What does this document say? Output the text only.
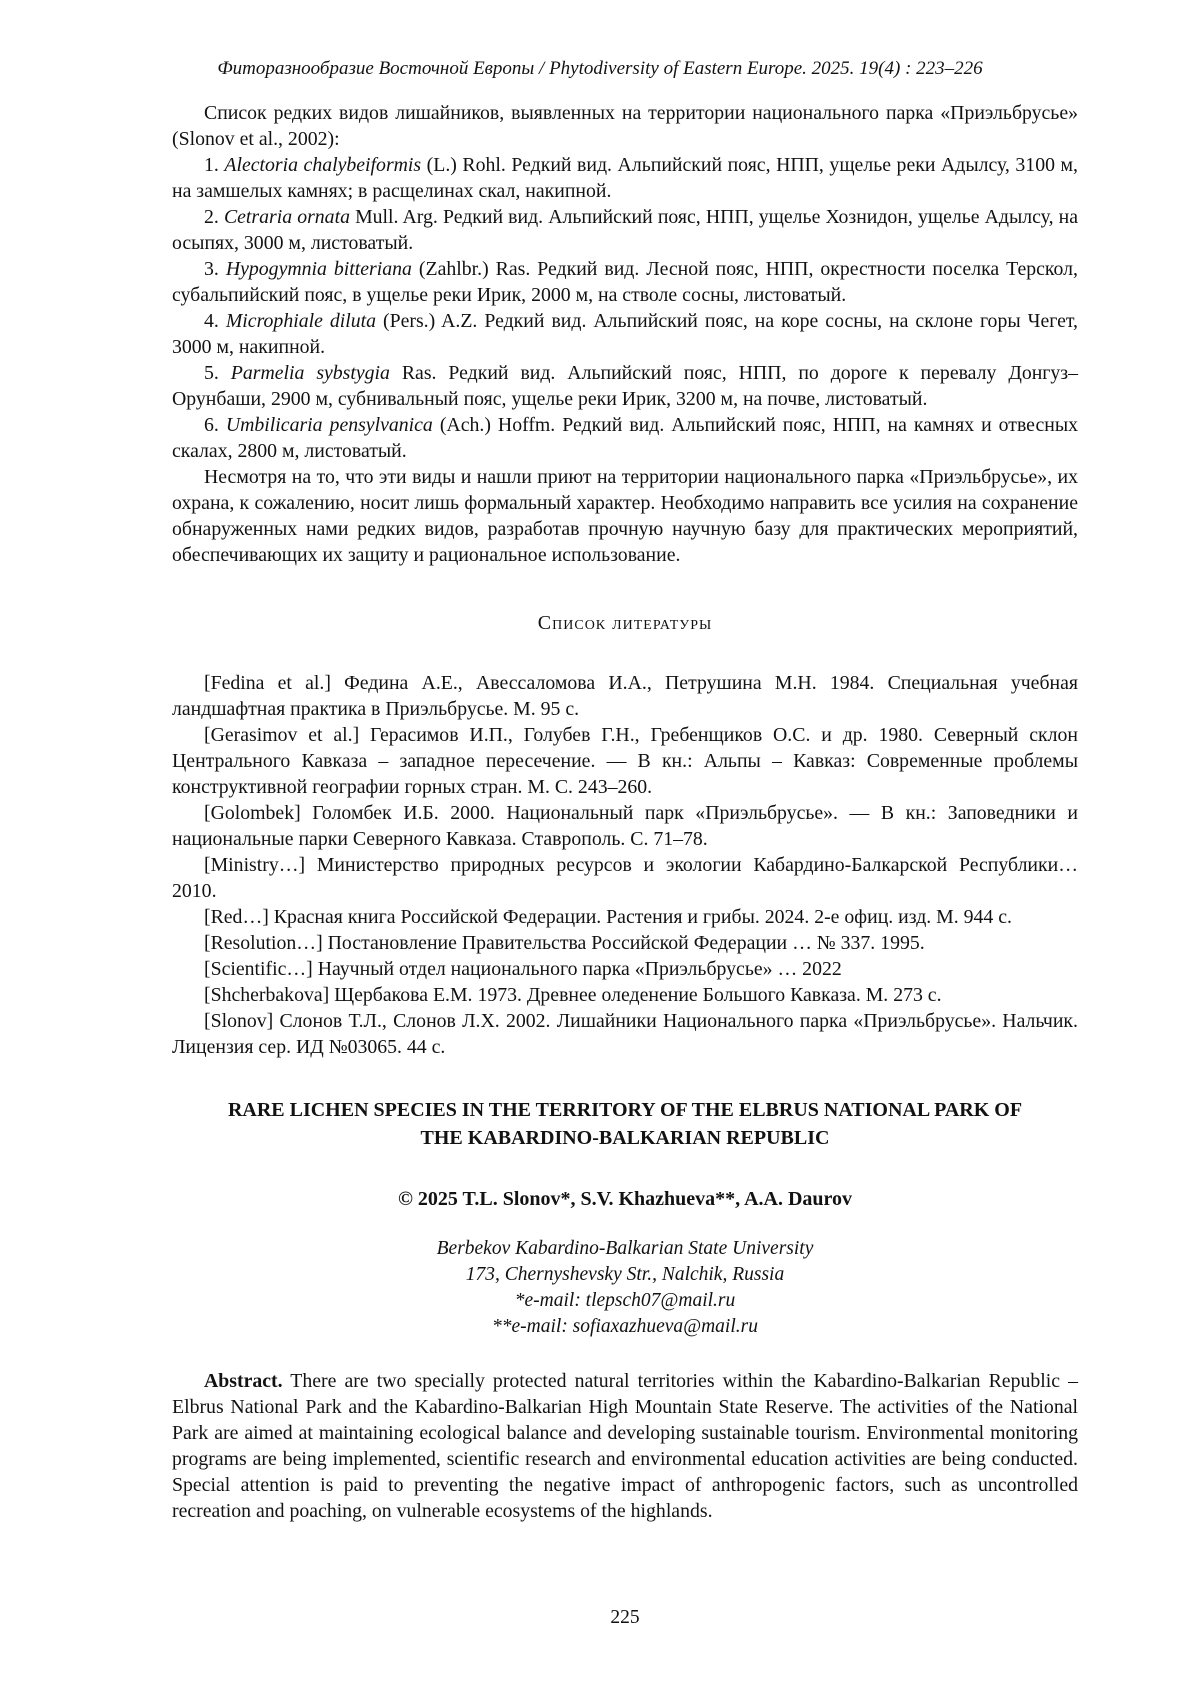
Фиторазнообразие Восточной Европы / Phytodiversity of Eastern Europe. 2025. 19(4) : 223–226

Список редких видов лишайников, выявленных на территории национального парка «Приэльбрусье» (Slonov et al., 2002):

1. Alectoria chalybeiformis (L.) Rohl. Редкий вид. Альпийский пояс, НПП, ущелье реки Адылсу, 3100 м, на замшелых камнях; в расщелинах скал, накипной.

2. Cetraria ornata Mull. Arg. Редкий вид. Альпийский пояс, НПП, ущелье Хознидон, ущелье Адылсу, на осыпях, 3000 м, листоватый.

3. Hypogymnia bitteriana (Zahlbr.) Ras. Редкий вид. Лесной пояс, НПП, окрестности поселка Терскол, субальпийский пояс, в ущелье реки Ирик, 2000 м, на стволе сосны, листоватый.

4. Microphiale diluta (Pers.) A.Z. Редкий вид. Альпийский пояс, на коре сосны, на склоне горы Чегет, 3000 м, накипной.

5. Parmelia sybstygia Ras. Редкий вид. Альпийский пояс, НПП, по дороге к перевалу Донгуз–Орунбаши, 2900 м, субнивальный пояс, ущелье реки Ирик, 3200 м, на почве, листоватый.

6. Umbilicaria pensylvanica (Ach.) Hoffm. Редкий вид. Альпийский пояс, НПП, на камнях и отвесных скалах, 2800 м, листоватый.

Несмотря на то, что эти виды и нашли приют на территории национального парка «Приэльбрусье», их охрана, к сожалению, носит лишь формальный характер. Необходимо направить все усилия на сохранение обнаруженных нами редких видов, разработав прочную научную базу для практических мероприятий, обеспечивающих их защиту и рациональное использование.

Список литературы

[Fedina et al.] Федина А.Е., Авессаломова И.А., Петрушина М.Н. 1984. Специальная учебная ландшафтная практика в Приэльбрусье. М. 95 с.

[Gerasimov et al.] Герасимов И.П., Голубев Г.Н., Гребенщиков О.С. и др. 1980. Северный склон Центрального Кавказа – западное пересечение. — В кн.: Альпы – Кавказ: Современные проблемы конструктивной географии горных стран. М. С. 243–260.

[Golombek] Голомбек И.Б. 2000. Национальный парк «Приэльбрусье». — В кн.: Заповедники и национальные парки Северного Кавказа. Ставрополь. С. 71–78.

[Ministry…] Министерство природных ресурсов и экологии Кабардино-Балкарской Республики… 2010.

[Red…] Красная книга Российской Федерации. Растения и грибы. 2024. 2-е офиц. изд. М. 944 с.

[Resolution…] Постановление Правительства Российской Федерации … № 337. 1995.

[Scientific…] Научный отдел национального парка «Приэльбрусье» … 2022

[Shcherbakova] Щербакова Е.М. 1973. Древнее оледенение Большого Кавказа. М. 273 с.

[Slonov] Слонов Т.Л., Слонов Л.Х. 2002. Лишайники Национального парка «Приэльбрусье». Нальчик. Лицензия сер. ИД №03065. 44 с.

RARE LICHEN SPECIES IN THE TERRITORY OF THE ELBRUS NATIONAL PARK OF THE KABARDINO-BALKARIAN REPUBLIC

© 2025 T.L. Slonov*, S.V. Khazhueva**, A.A. Daurov

Berbekov Kabardino-Balkarian State University

173, Chernyshevsky Str., Nalchik, Russia

*e-mail: tlepsch07@mail.ru

**e-mail: sofiaxazhueva@mail.ru

Abstract. There are two specially protected natural territories within the Kabardino-Balkarian Republic – Elbrus National Park and the Kabardino-Balkarian High Mountain State Reserve. The activities of the National Park are aimed at maintaining ecological balance and developing sustainable tourism. Environmental monitoring programs are being implemented, scientific research and environmental education activities are being conducted. Special attention is paid to preventing the negative impact of anthropogenic factors, such as uncontrolled recreation and poaching, on vulnerable ecosystems of the highlands.

225
